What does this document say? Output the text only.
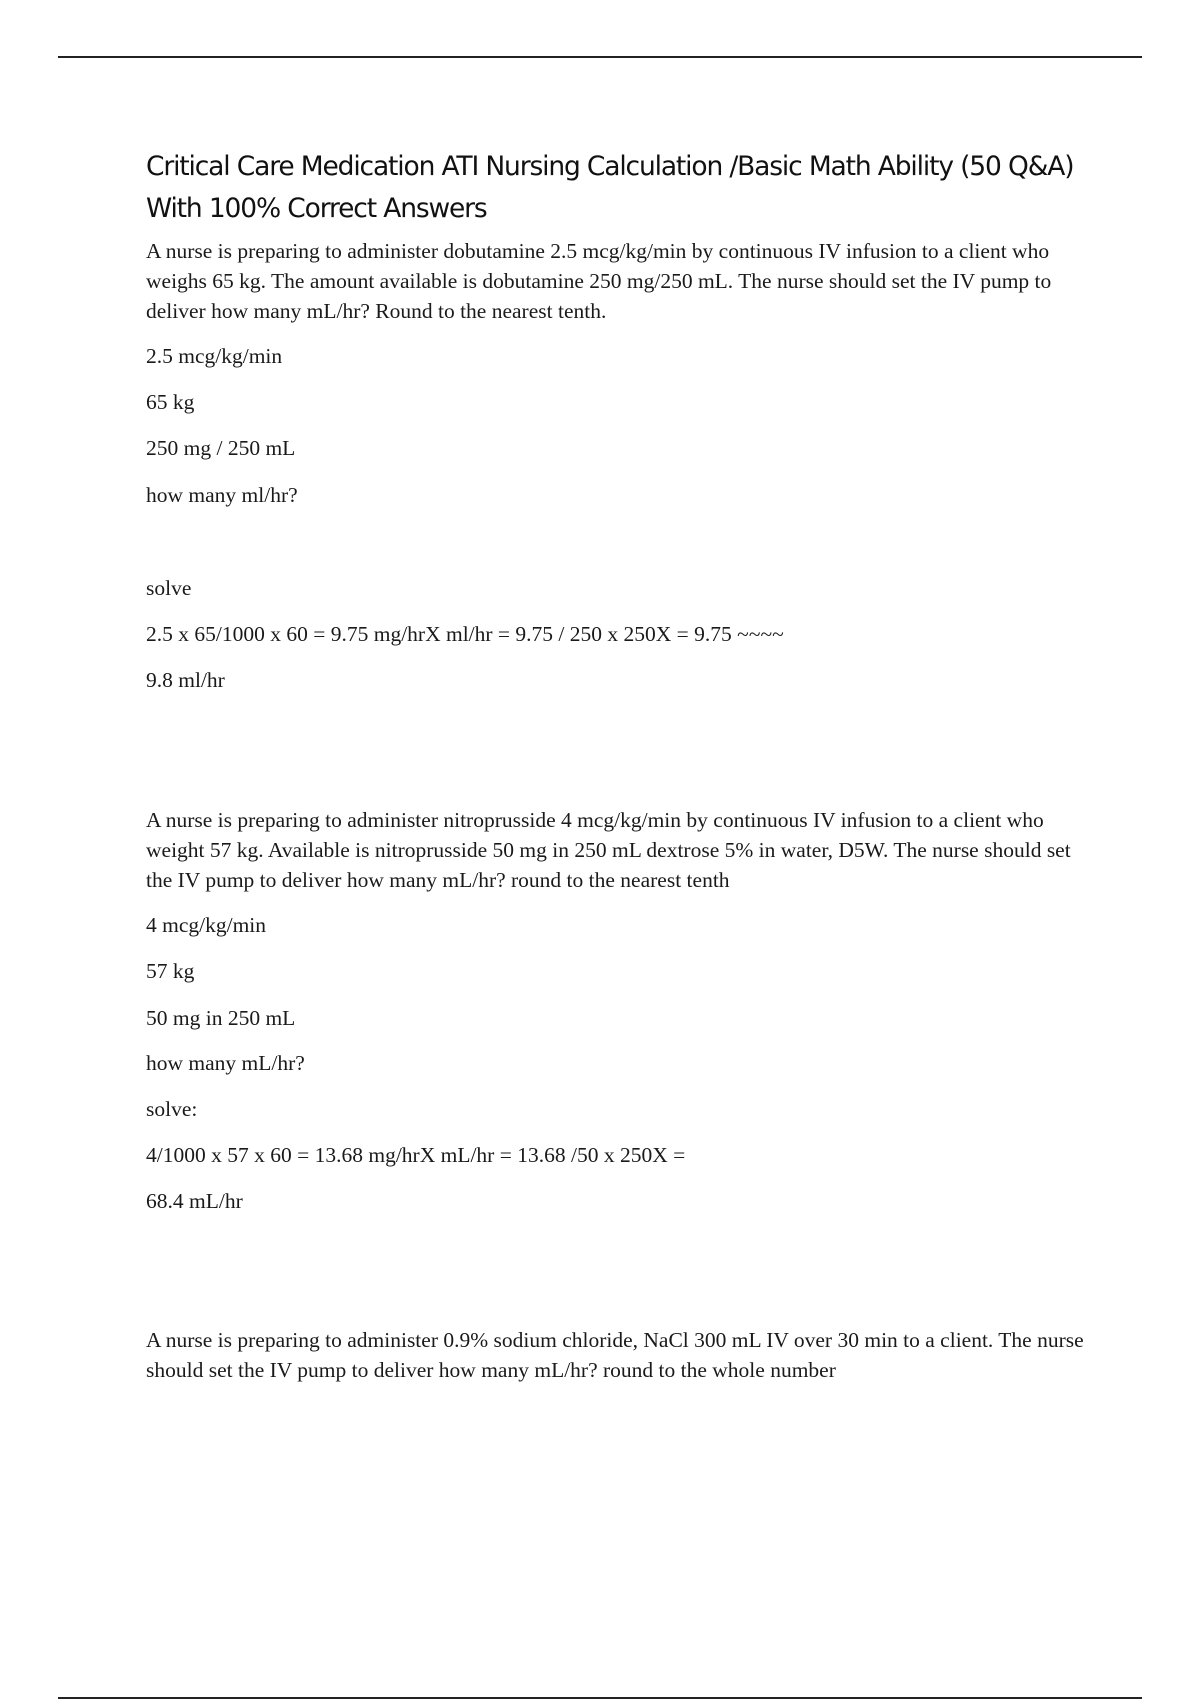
Critical Care Medication ATI Nursing Calculation /Basic Math Ability (50 Q&A) With 100% Correct Answers

A nurse is preparing to administer dobutamine 2.5 mcg/kg/min by continuous IV infusion to a client who weighs 65 kg. The amount available is dobutamine 250 mg/250 mL. The nurse should set the IV pump to deliver how many mL/hr? Round to the nearest tenth.

2.5 mcg/kg/min
65 kg
250 mg / 250 mL
how many ml/hr?
solve
2.5 x 65/1000 x 60 = 9.75 mg/hrX ml/hr = 9.75 / 250 x 250X = 9.75 ~~~~
9.8 ml/hr

A nurse is preparing to administer nitroprusside 4 mcg/kg/min by continuous IV infusion to a client who weight 57 kg. Available is nitroprusside 50 mg in 250 mL dextrose 5% in water, D5W. The nurse should set the IV pump to deliver how many mL/hr? round to the nearest tenth

4 mcg/kg/min
57 kg
50 mg in 250 mL
how many mL/hr?
solve:
4/1000 x 57 x 60 = 13.68 mg/hrX mL/hr = 13.68 /50 x 250X =
68.4 mL/hr

A nurse is preparing to administer 0.9% sodium chloride, NaCl 300 mL IV over 30 min to a client. The nurse should set the IV pump to deliver how many mL/hr? round to the whole number
